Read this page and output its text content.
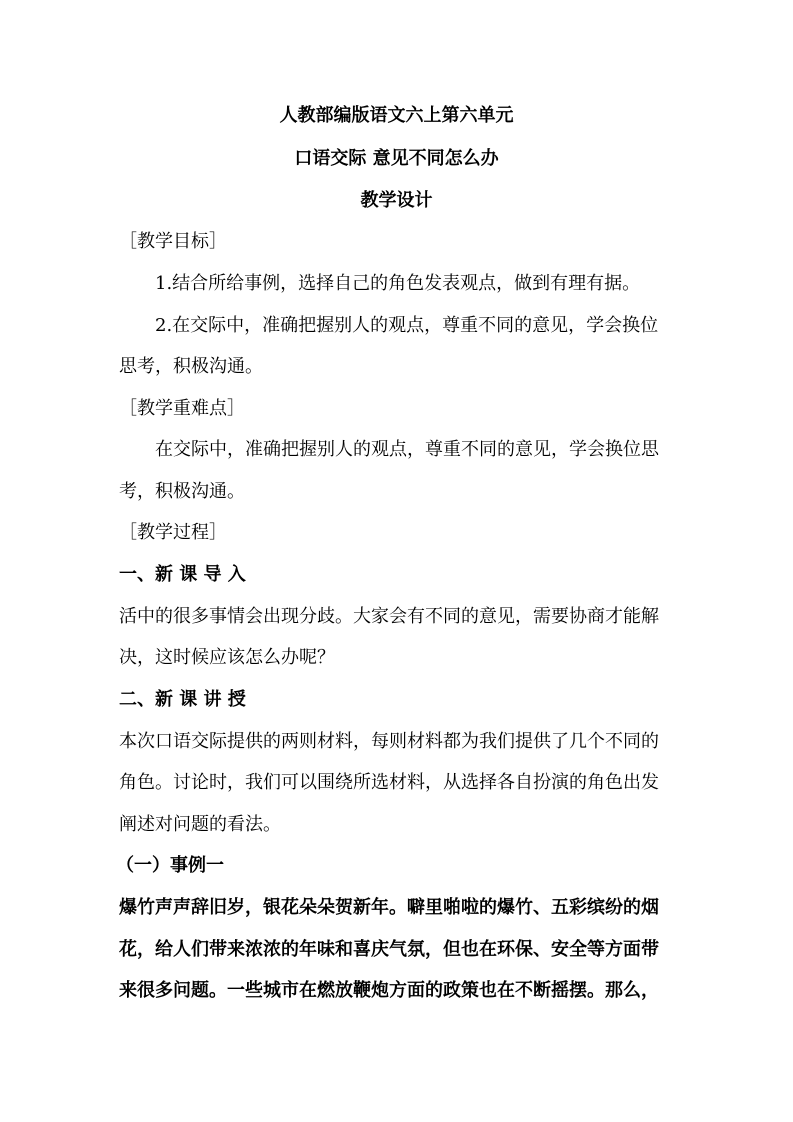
人教部编版语文六上第六单元
口语交际 意见不同怎么办
教学设计
［教学目标］
1.结合所给事例，选择自己的角色发表观点，做到有理有据。
2.在交际中，准确把握别人的观点，尊重不同的意见，学会换位
思考，积极沟通。
［教学重难点］
在交际中，准确把握别人的观点，尊重不同的意见，学会换位思
考，积极沟通。
［教学过程］
一、新 课 导 入
活中的很多事情会出现分歧。大家会有不同的意见，需要协商才能解
决，这时候应该怎么办呢？
二、新 课 讲 授
本次口语交际提供的两则材料，每则材料都为我们提供了几个不同的
角色。讨论时，我们可以围绕所选材料，从选择各自扮演的角色出发
阐述对问题的看法。
（一）事例一
爆竹声声辞旧岁，银花朵朵贺新年。噼里啪啦的爆竹、五彩缤纷的烟
花，给人们带来浓浓的年味和喜庆气氛，但也在环保、安全等方面带
来很多问题。一些城市在燃放鞭炮方面的政策也在不断摇摆。那么，
